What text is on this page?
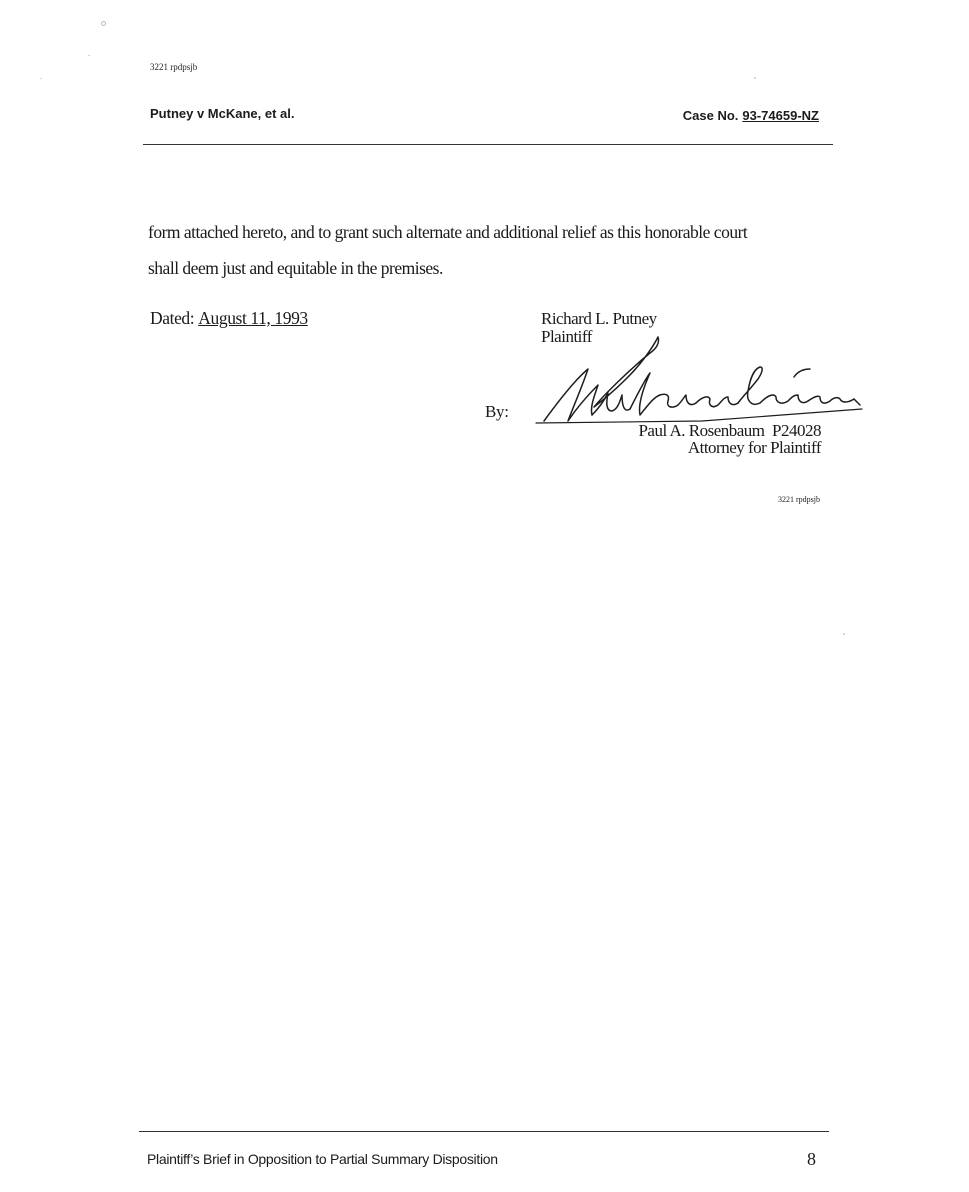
3221 rpdpsjb
Putney v McKane, et al.	Case No. 93-74659-NZ

form attached hereto, and to grant such alternate and additional relief as this honorable court

shall deem just and equitable in the premises.

Dated: August 11, 1993	Richard L. Putney
Plaintiff
By:
Paul A. Rosenbaum  P24028
Attorney for Plaintiff
3221 rpdpsjb
Plaintiff’s Brief in Opposition to Partial Summary Disposition	8
